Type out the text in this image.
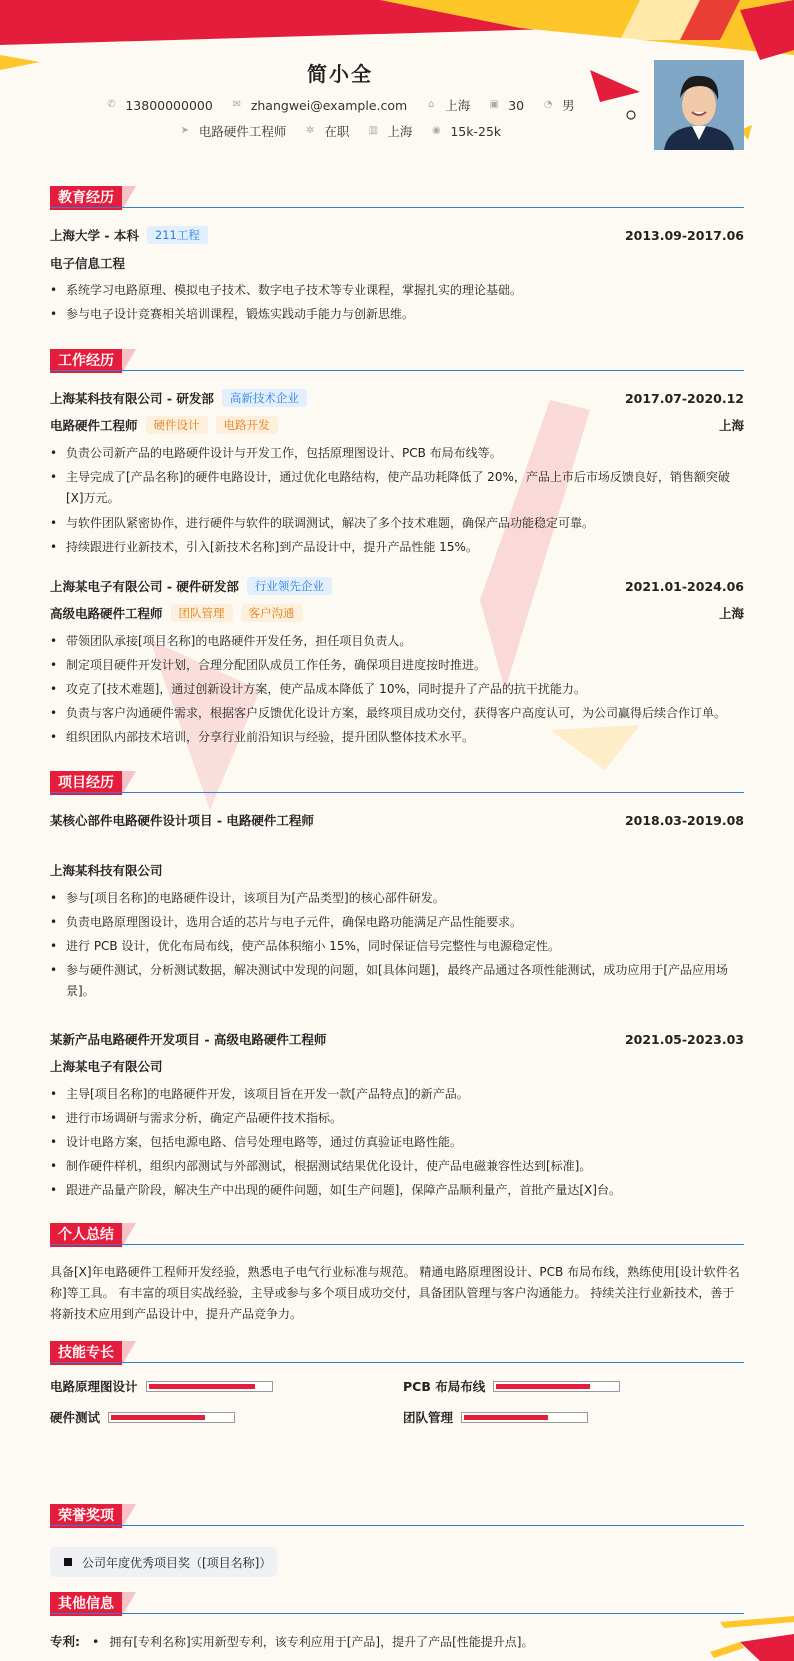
简小全
✆ 13800000000 ✉ zhangwei@example.com ⌂ 上海 ▣ 30 ◔ 男
➤ 电路硬件工程师 ✲ 在职 ▥ 上海 ◉ 15k-25k
教育经历
上海大学 - 本科	211工程	2013.09-2017.06
电子信息工程
• 系统学习电路原理、模拟电子技术、数字电子技术等专业课程，掌握扎实的理论基础。
• 参与电子设计竞赛相关培训课程，锻炼实践动手能力与创新思维。
工作经历
上海某科技有限公司 - 研发部	高新技术企业	2017.07-2020.12
电路硬件工程师	硬件设计	电路开发	上海
• 负责公司新产品的电路硬件设计与开发工作，包括原理图设计、PCB 布局布线等。
• 主导完成了[产品名称]的硬件电路设计，通过优化电路结构，使产品功耗降低了 20%，产品上市后市场反馈良好，销售额突破 [X]万元。
• 与软件团队紧密协作，进行硬件与软件的联调测试，解决了多个技术难题，确保产品功能稳定可靠。
• 持续跟进行业新技术，引入[新技术名称]到产品设计中，提升产品性能 15%。
上海某电子有限公司 - 硬件研发部	行业领先企业	2021.01-2024.06
高级电路硬件工程师	团队管理	客户沟通	上海
• 带领团队承接[项目名称]的电路硬件开发任务，担任项目负责人。
• 制定项目硬件开发计划，合理分配团队成员工作任务，确保项目进度按时推进。
• 攻克了[技术难题]，通过创新设计方案，使产品成本降低了 10%，同时提升了产品的抗干扰能力。
• 负责与客户沟通硬件需求，根据客户反馈优化设计方案，最终项目成功交付，获得客户高度认可，为公司赢得后续合作订单。
• 组织团队内部技术培训，分享行业前沿知识与经验，提升团队整体技术水平。
项目经历
上海某科技有限公司
某核心部件电路硬件设计项目 - 电路硬件工程师	2018.03-2019.08
• 参与[项目名称]的电路硬件设计，该项目为[产品类型]的核心部件研发。
• 负责电路原理图设计，选用合适的芯片与电子元件，确保电路功能满足产品性能要求。
• 进行 PCB 设计，优化布局布线，使产品体积缩小 15%，同时保证信号完整性与电源稳定性。
• 参与硬件测试，分析测试数据，解决测试中发现的问题，如[具体问题]，最终产品通过各项性能测试，成功应用于[产品应用场景]。
某新产品电路硬件开发项目 - 高级电路硬件工程师	2021.05-2023.03
上海某电子有限公司
• 主导[项目名称]的电路硬件开发，该项目旨在开发一款[产品特点]的新产品。
• 进行市场调研与需求分析，确定产品硬件技术指标。
• 设计电路方案，包括电源电路、信号处理电路等，通过仿真验证电路性能。
• 制作硬件样机，组织内部测试与外部测试，根据测试结果优化设计，使产品电磁兼容性达到[标准]。
• 跟进产品量产阶段，解决生产中出现的硬件问题，如[生产问题]，保障产品顺利量产，首批产量达[X]台。
个人总结
具备[X]年电路硬件工程师开发经验，熟悉电子电气行业标准与规范。 精通电路原理图设计、PCB 布局布线，熟练使用[设计软件名称]等工具。 有丰富的项目实战经验，主导或参与多个项目成功交付，具备团队管理与客户沟通能力。 持续关注行业新技术，善于将新技术应用到产品设计中，提升产品竞争力。
技能专长
电路原理图设计	PCB 布局布线
硬件测试	团队管理
荣誉奖项
公司年度优秀项目奖（[项目名称]）
其他信息
专利: • 拥有[专利名称]实用新型专利，该专利应用于[产品]，提升了产品[性能提升点]。
